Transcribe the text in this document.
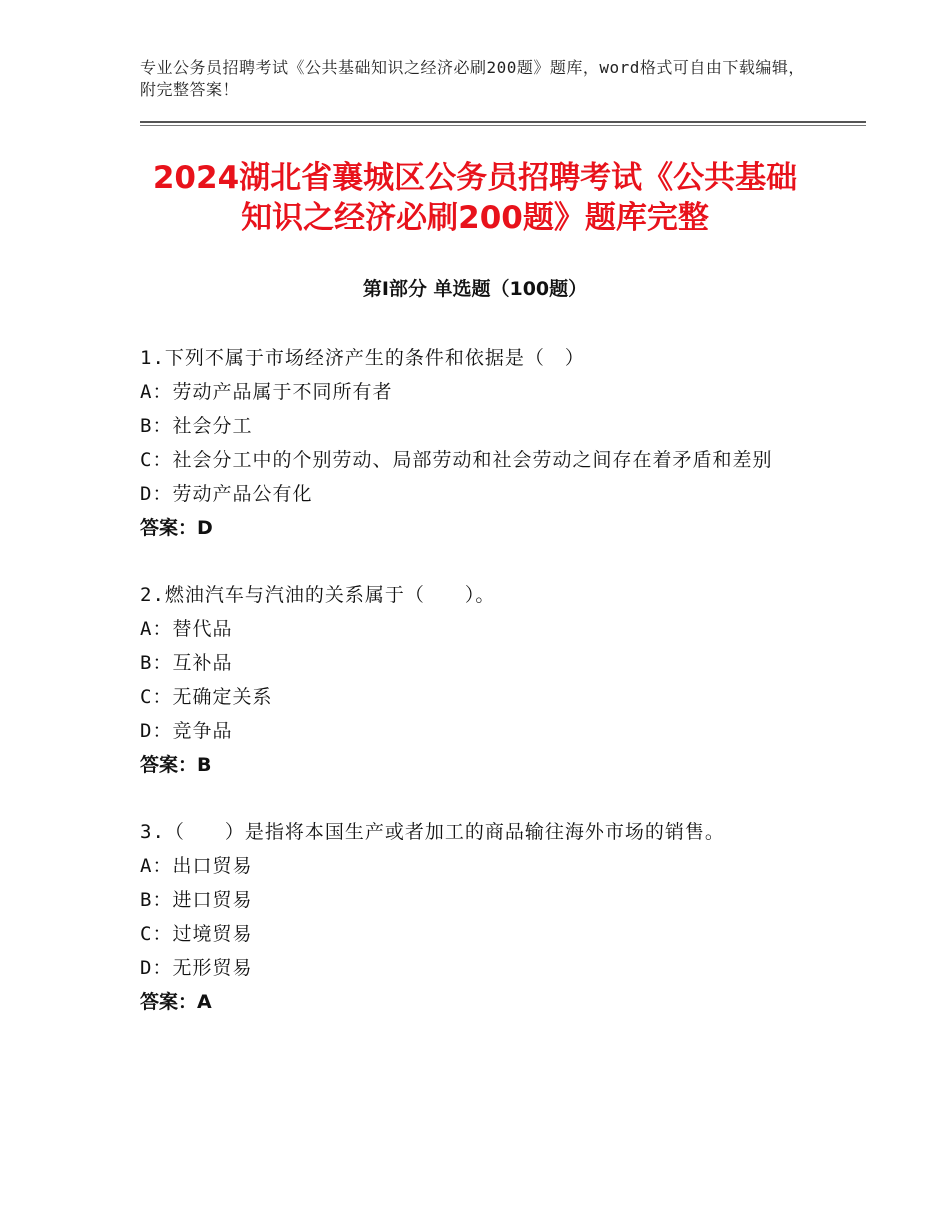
专业公务员招聘考试《公共基础知识之经济必刷200题》题库，word格式可自由下载编辑，附完整答案！
2024湖北省襄城区公务员招聘考试《公共基础知识之经济必刷200题》题库完整
第Ⅰ部分 单选题（100题）
1.下列不属于市场经济产生的条件和依据是（　）
A：劳动产品属于不同所有者
B：社会分工
C：社会分工中的个别劳动、局部劳动和社会劳动之间存在着矛盾和差别
D：劳动产品公有化
答案：D
2.燃油汽车与汽油的关系属于（　　）。
A：替代品
B：互补品
C：无确定关系
D：竞争品
答案：B
3.（　　）是指将本国生产或者加工的商品输往海外市场的销售。
A：出口贸易
B：进口贸易
C：过境贸易
D：无形贸易
答案：A
